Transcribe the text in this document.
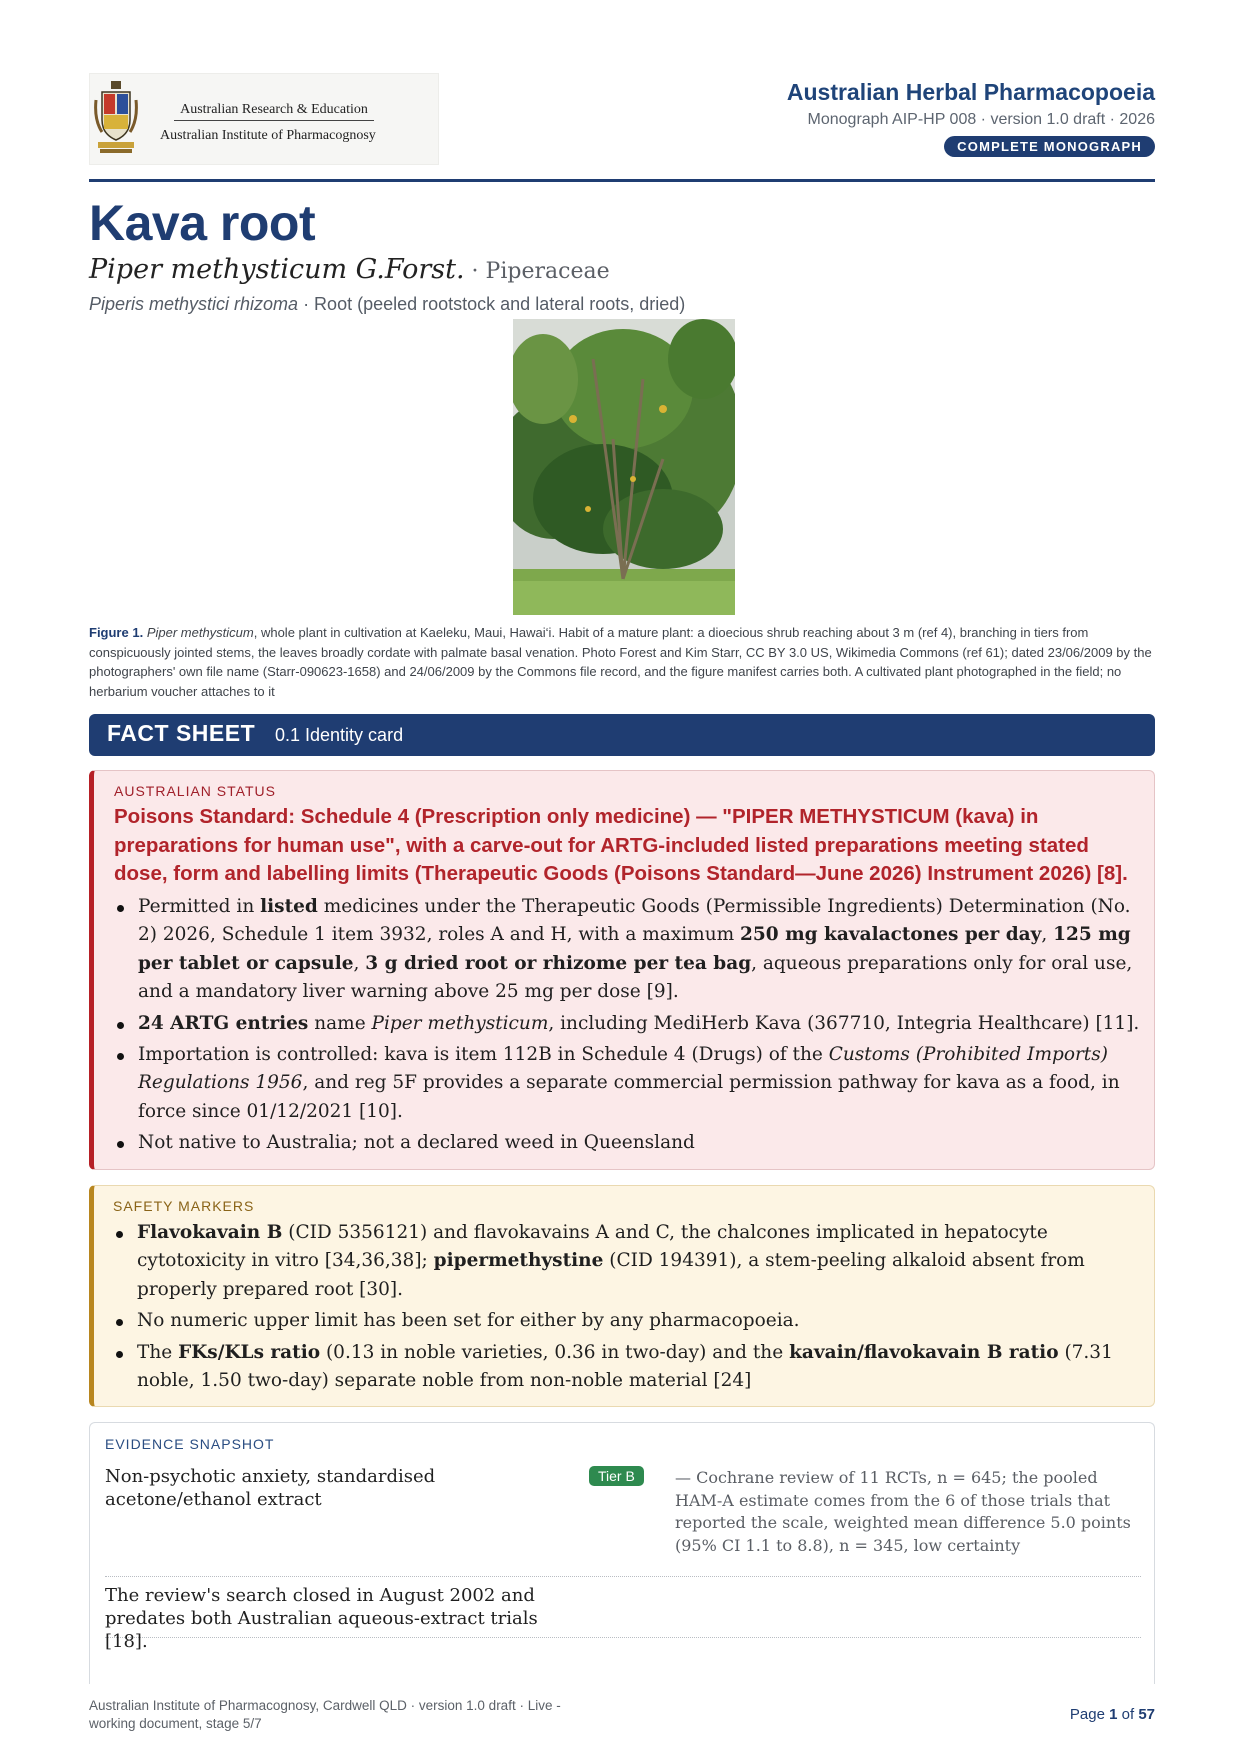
Australian Research & Education
Australian Institute of Pharmacognosy
Australian Herbal Pharmacopoeia
Monograph AIP-HP 008 · version 1.0 draft · 2026
COMPLETE MONOGRAPH
Kava root
Piper methysticum G.Forst. · Piperaceae
Piperis methystici rhizoma · Root (peeled rootstock and lateral roots, dried)
Figure 1. Piper methysticum, whole plant in cultivation at Kaeleku, Maui, Hawai‘i. Habit of a mature plant: a dioecious shrub reaching about 3 m (ref 4), branching in tiers from conspicuously jointed stems, the leaves broadly cordate with palmate basal venation. Photo Forest and Kim Starr, CC BY 3.0 US, Wikimedia Commons (ref 61); dated 23/06/2009 by the photographers' own file name (Starr-090623-1658) and 24/06/2009 by the Commons file record, and the figure manifest carries both. A cultivated plant photographed in the field; no herbarium voucher attaches to it
FACT SHEET 0.1 Identity card
AUSTRALIAN STATUS
Poisons Standard: Schedule 4 (Prescription only medicine) — "PIPER METHYSTICUM (kava) in preparations for human use", with a carve-out for ARTG-included listed preparations meeting stated dose, form and labelling limits (Therapeutic Goods (Poisons Standard—June 2026) Instrument 2026) [8].
Permitted in listed medicines under the Therapeutic Goods (Permissible Ingredients) Determination (No. 2) 2026, Schedule 1 item 3932, roles A and H, with a maximum 250 mg kavalactones per day, 125 mg per tablet or capsule, 3 g dried root or rhizome per tea bag, aqueous preparations only for oral use, and a mandatory liver warning above 25 mg per dose [9].
24 ARTG entries name Piper methysticum, including MediHerb Kava (367710, Integria Healthcare) [11].
Importation is controlled: kava is item 112B in Schedule 4 (Drugs) of the Customs (Prohibited Imports) Regulations 1956, and reg 5F provides a separate commercial permission pathway for kava as a food, in force since 01/12/2021 [10].
Not native to Australia; not a declared weed in Queensland
SAFETY MARKERS
Flavokavain B (CID 5356121) and flavokavains A and C, the chalcones implicated in hepatocyte cytotoxicity in vitro [34,36,38]; pipermethystine (CID 194391), a stem-peeling alkaloid absent from properly prepared root [30].
No numeric upper limit has been set for either by any pharmacopoeia.
The FKs/KLs ratio (0.13 in noble varieties, 0.36 in two-day) and the kavain/flavokavain B ratio (7.31 noble, 1.50 two-day) separate noble from non-noble material [24]
EVIDENCE SNAPSHOT
Non-psychotic anxiety, standardised acetone/ethanol extract
Tier B	— Cochrane review of 11 RCTs, n = 645; the pooled HAM-A estimate comes from the 6 of those trials that reported the scale, weighted mean difference 5.0 points (95% CI 1.1 to 8.8), n = 345, low certainty
The review's search closed in August 2002 and predates both Australian aqueous-extract trials [18].
Australian Institute of Pharmacognosy, Cardwell QLD · version 1.0 draft · Live - working document, stage 5/7
Page 1 of 57
